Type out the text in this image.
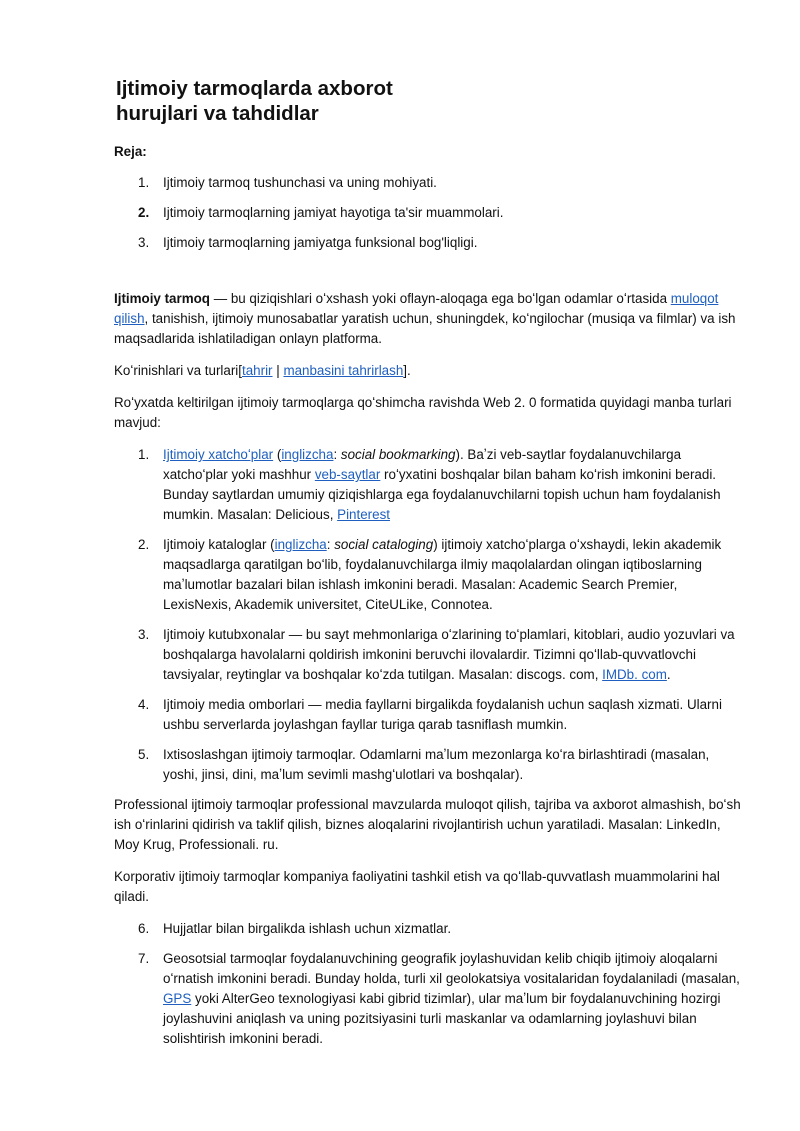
Ijtimoiy tarmoqlarda axborot
hurujlari va tahdidlar
Reja:
1. Ijtimoiy tarmoq tushunchasi va uning mohiyati.
2. Ijtimoiy tarmoqlarning jamiyat hayotiga ta'sir muammolari.
3. Ijtimoiy tarmoqlarning jamiyatga funksional bog'liqligi.

Ijtimoiy tarmoq — bu qiziqishlari oʻxshash yoki oflayn-aloqaga ega boʻlgan odamlar oʻrtasida muloqot qilish, tanishish, ijtimoiy munosabatlar yaratish uchun, shuningdek, koʻngilochar (musiqa va filmlar) va ish maqsadlarida ishlatiladigan onlayn platforma.

Koʻrinishlari va turlari[tahrir | manbasini tahrirlash].

Roʻyxatda keltirilgan ijtimoiy tarmoqlarga qoʻshimcha ravishda Web 2. 0 formatida quyidagi manba turlari mavjud:

1. Ijtimoiy xatchoʻplar (inglizcha: social bookmarking). Baʼzi veb-saytlar foydalanuvchilarga xatchoʻplar yoki mashhur veb-saytlar roʻyxatini boshqalar bilan baham koʻrish imkonini beradi. Bunday saytlardan umumiy qiziqishlarga ega foydalanuvchilarni topish uchun ham foydalanish mumkin. Masalan: Delicious, Pinterest
2. Ijtimoiy kataloglar (inglizcha: social cataloging) ijtimoiy xatchoʻplarga oʻxshaydi, lekin akademik maqsadlarga qaratilgan boʻlib, foydalanuvchilarga ilmiy maqolalardan olingan iqtiboslarning maʼlumotlar bazalari bilan ishlash imkonini beradi. Masalan: Academic Search Premier, LexisNexis, Akademik universitet, CiteULike, Connotea.
3. Ijtimoiy kutubxonalar — bu sayt mehmonlariga oʻzlarining toʻplamlari, kitoblari, audio yozuvlari va boshqalarga havolalarni qoldirish imkonini beruvchi ilovalardir. Tizimni qoʻllab-quvvatlovchi tavsiyalar, reytinglar va boshqalar koʻzda tutilgan. Masalan: discogs. com, IMDb. com.
4. Ijtimoiy media omborlari — media fayllarni birgalikda foydalanish uchun saqlash xizmati. Ularni ushbu serverlarda joylashgan fayllar turiga qarab tasniflash mumkin.
5. Ixtisoslashgan ijtimoiy tarmoqlar. Odamlarni maʼlum mezonlarga koʻra birlashtiradi (masalan, yoshi, jinsi, dini, maʼlum sevimli mashgʻulotlari va boshqalar).

Professional ijtimoiy tarmoqlar professional mavzularda muloqot qilish, tajriba va axborot almashish, boʻsh ish oʻrinlarini qidirish va taklif qilish, biznes aloqalarini rivojlantirish uchun yaratiladi. Masalan: LinkedIn, Moy Krug, Professionali. ru.

Korporativ ijtimoiy tarmoqlar kompaniya faoliyatini tashkil etish va qoʻllab-quvvatlash muammolarini hal qiladi.

6. Hujjatlar bilan birgalikda ishlash uchun xizmatlar.
7. Geosotsial tarmoqlar foydalanuvchining geografik joylashuvidan kelib chiqib ijtimoiy aloqalarni oʻrnatish imkonini beradi. Bunday holda, turli xil geolokatsiya vositalaridan foydalaniladi (masalan, GPS yoki AlterGeo texnologiyasi kabi gibrid tizimlar), ular maʼlum bir foydalanuvchining hozirgi joylashuvini aniqlash va uning pozitsiyasini turli maskanlar va odamlarning joylashuvi bilan solishtirish imkonini beradi.
